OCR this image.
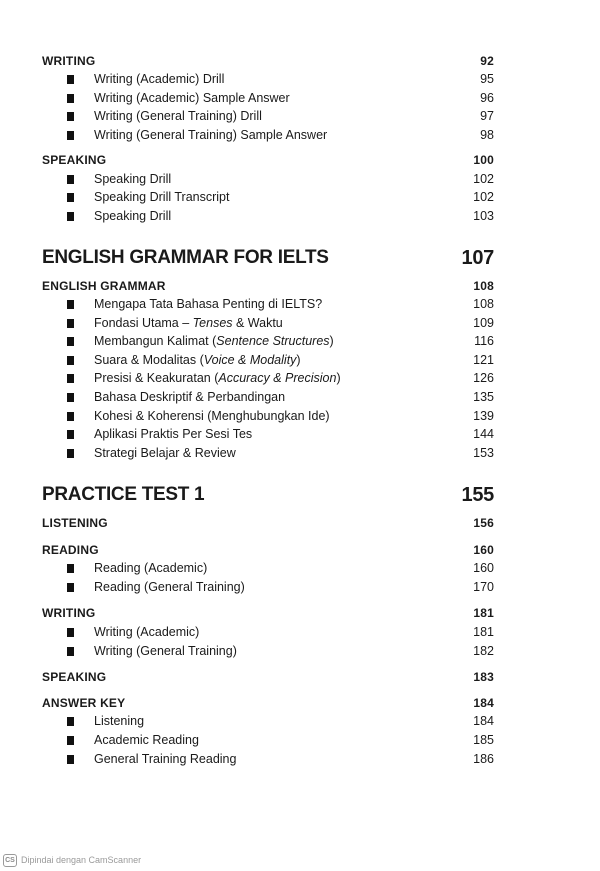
WRITING	92
Writing (Academic) Drill	95
Writing (Academic) Sample Answer	96
Writing (General Training) Drill	97
Writing (General Training) Sample Answer	98
SPEAKING	100
Speaking Drill	102
Speaking Drill Transcript	102
Speaking Drill	103
ENGLISH GRAMMAR FOR IELTS	107
ENGLISH GRAMMAR	108
Mengapa Tata Bahasa Penting di IELTS?	108
Fondasi Utama – Tenses & Waktu	109
Membangun Kalimat (Sentence Structures)	116
Suara & Modalitas (Voice & Modality)	121
Presisi & Keakuratan (Accuracy & Precision)	126
Bahasa Deskriptif & Perbandingan	135
Kohesi & Koherensi (Menghubungkan Ide)	139
Aplikasi Praktis Per Sesi Tes	144
Strategi Belajar & Review	153
PRACTICE TEST 1	155
LISTENING	156
READING	160
Reading (Academic)	160
Reading (General Training)	170
WRITING	181
Writing (Academic)	181
Writing (General Training)	182
SPEAKING	183
ANSWER KEY	184
Listening	184
Academic Reading	185
General Training Reading	186
CS Dipindai dengan CamScanner
